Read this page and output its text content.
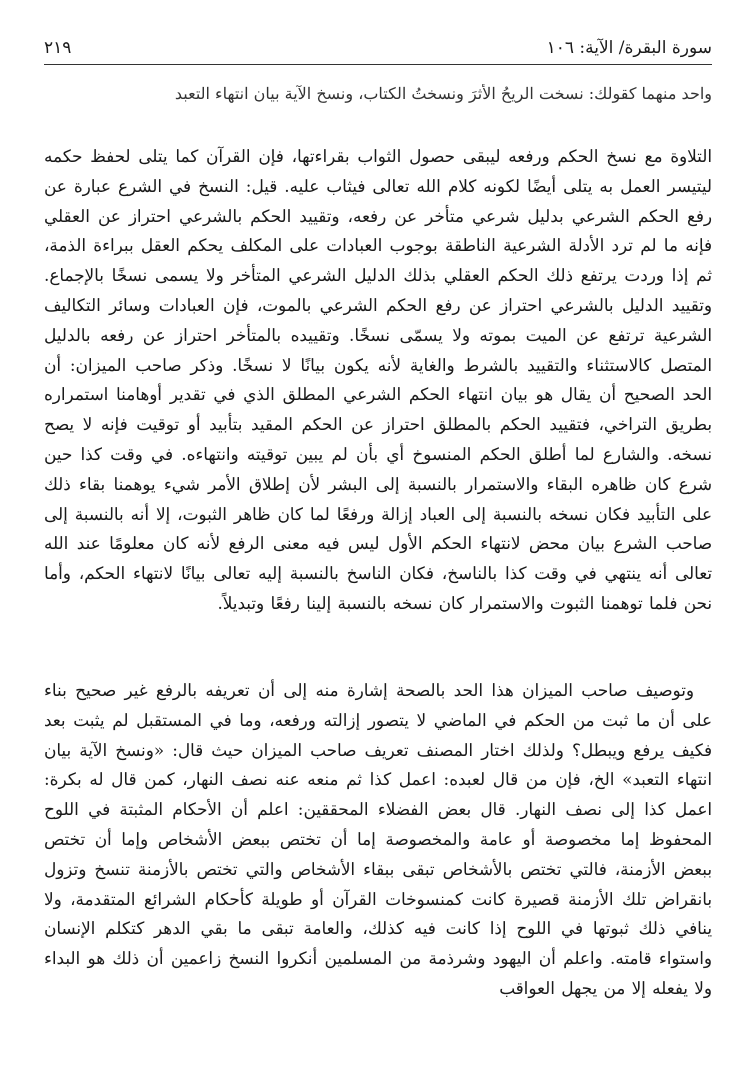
سورة البقرة/ الآية: ١٠٦
٢١٩
واحد منهما كقولك: نسخت الريحُ الأثرَ ونسختُ الكتاب، ونسخ الآية بيان انتهاء التعبد
التلاوة مع نسخ الحكم ورفعه ليبقى حصول الثواب بقراءتها، فإن القرآن كما يتلى لحفظ حكمه ليتيسر العمل به يتلى أيضًا لكونه كلام الله تعالى فيثاب عليه. قيل: النسخ في الشرع عبارة عن رفع الحكم الشرعي بدليل شرعي متأخر عن رفعه، وتقييد الحكم بالشرعي احتراز عن العقلي فإنه ما لم ترد الأدلة الشرعية الناطقة بوجوب العبادات على المكلف يحكم العقل ببراءة الذمة، ثم إذا وردت يرتفع ذلك الحكم العقلي بذلك الدليل الشرعي المتأخر ولا يسمى نسخًا بالإجماع. وتقييد الدليل بالشرعي احتراز عن رفع الحكم الشرعي بالموت، فإن العبادات وسائر التكاليف الشرعية ترتفع عن الميت بموته ولا يسمّى نسخًا. وتقييده بالمتأخر احتراز عن رفعه بالدليل المتصل كالاستثناء والتقييد بالشرط والغاية لأنه يكون بيانًا لا نسخًا. وذكر صاحب الميزان: أن الحد الصحيح أن يقال هو بيان انتهاء الحكم الشرعي المطلق الذي في تقدير أوهامنا استمراره بطريق التراخي، فتقييد الحكم بالمطلق احتراز عن الحكم المقيد بتأبيد أو توقيت فإنه لا يصح نسخه. والشارع لما أطلق الحكم المنسوخ أي بأن لم يبين توقيته وانتهاءه. في وقت كذا حين شرع كان ظاهره البقاء والاستمرار بالنسبة إلى البشر لأن إطلاق الأمر شيء يوهمنا بقاء ذلك على التأبيد فكان نسخه بالنسبة إلى العباد إزالة ورفعًا لما كان ظاهر الثبوت، إلا أنه بالنسبة إلى صاحب الشرع بيان محض لانتهاء الحكم الأول ليس فيه معنى الرفع لأنه كان معلومًا عند الله تعالى أنه ينتهي في وقت كذا بالناسخ، فكان الناسخ بالنسبة إليه تعالى بيانًا لانتهاء الحكم، وأما نحن فلما توهمنا الثبوت والاستمرار كان نسخه بالنسبة إلينا رفعًا وتبديلاً.
وتوصيف صاحب الميزان هذا الحد بالصحة إشارة منه إلى أن تعريفه بالرفع غير صحيح بناء على أن ما ثبت من الحكم في الماضي لا يتصور إزالته ورفعه، وما في المستقبل لم يثبت بعد فكيف يرفع ويبطل؟ ولذلك اختار المصنف تعريف صاحب الميزان حيث قال: «ونسخ الآية بيان انتهاء التعبد» الخ، فإن من قال لعبده: اعمل كذا ثم منعه عنه نصف النهار، كمن قال له بكرة: اعمل كذا إلى نصف النهار. قال بعض الفضلاء المحققين: اعلم أن الأحكام المثبتة في اللوح المحفوظ إما مخصوصة أو عامة والمخصوصة إما أن تختص ببعض الأشخاص وإما أن تختص ببعض الأزمنة، فالتي تختص بالأشخاص تبقى ببقاء الأشخاص والتي تختص بالأزمنة تنسخ وتزول بانقراض تلك الأزمنة قصيرة كانت كمنسوخات القرآن أو طويلة كأحكام الشرائع المتقدمة، ولا ينافي ذلك ثبوتها في اللوح إذا كانت فيه كذلك، والعامة تبقى ما بقي الدهر كتكلم الإنسان واستواء قامته. واعلم أن اليهود وشرذمة من المسلمين أنكروا النسخ زاعمين أن ذلك هو البداء ولا يفعله إلا من يجهل العواقب
